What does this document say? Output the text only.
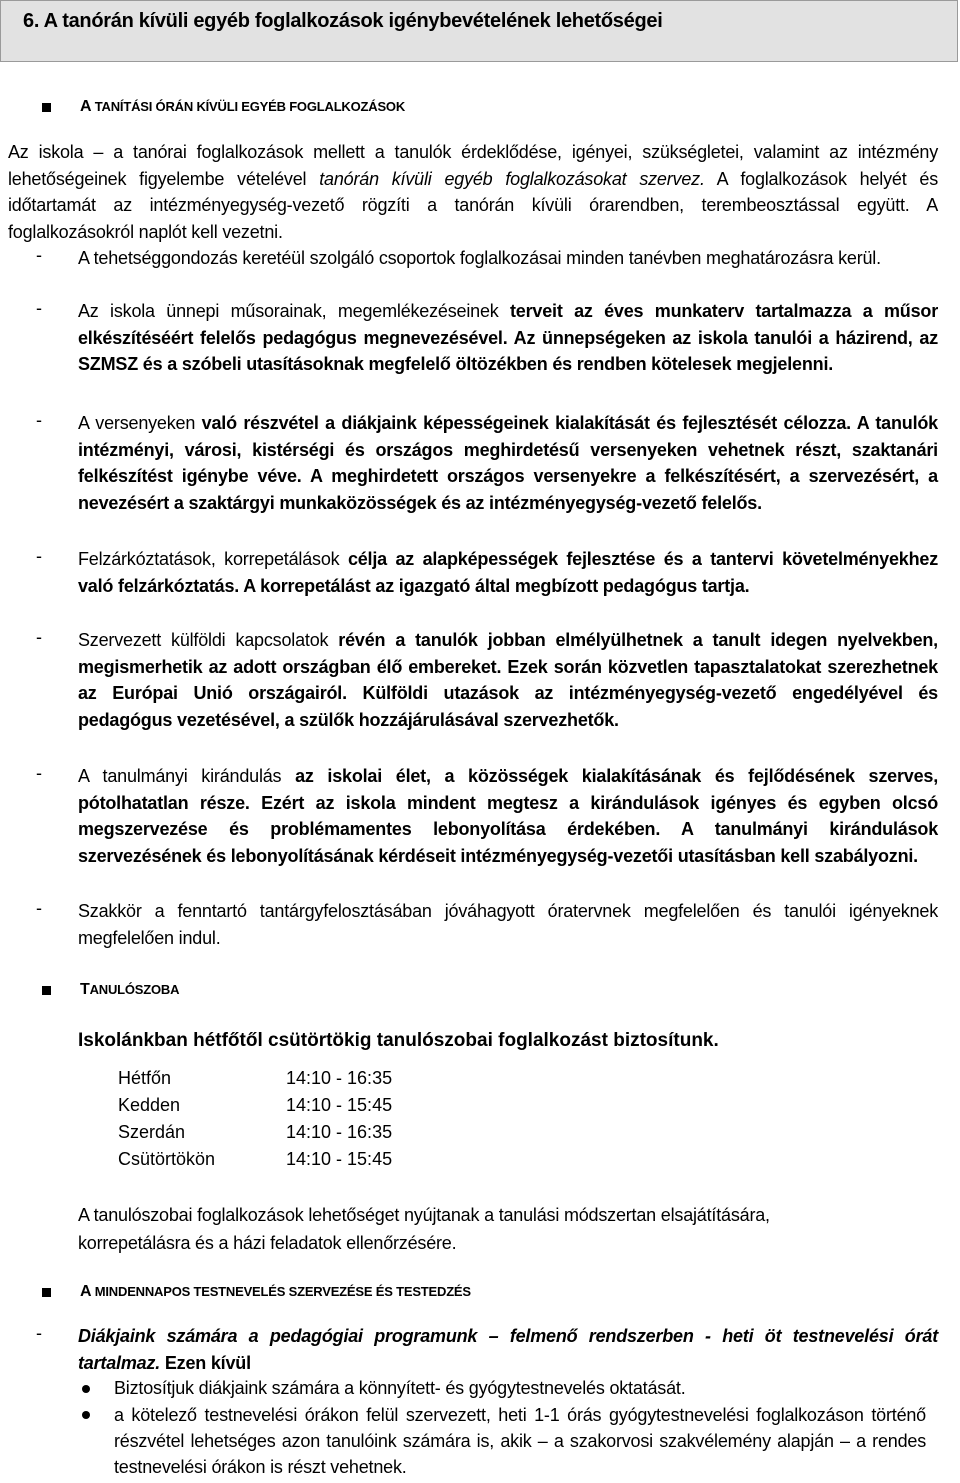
6. A tanórán kívüli egyéb foglalkozások igénybevételének lehetőségei
A TANÍTÁSI ÓRÁN KÍVÜLI EGYÉB FOGLALKOZÁSOK
Az iskola – a tanórai foglalkozások mellett a tanulók érdeklődése, igényei, szükségletei, valamint az intézmény lehetőségeinek figyelembe vételével tanórán kívüli egyéb foglalkozásokat szervez. A foglalkozások helyét és időtartamát az intézményegység-vezető rögzíti a tanórán kívüli órarendben, terembeosztással együtt. A foglalkozásokról naplót kell vezetni.
- A tehetséggondozás keretéül szolgáló csoportok foglalkozásai minden tanévben meghatározásra kerül.
- Az iskola ünnepi műsorainak, megemlékezéseinek terveit az éves munkaterv tartalmazza a műsor elkészítéséért felelős pedagógus megnevezésével. Az ünnepségeken az iskola tanulói a házirend, az SZMSZ és a szóbeli utasításoknak megfelelő öltözékben és rendben kötelesek megjelenni.
- A versenyeken való részvétel a diákjaink képességeinek kialakítását és fejlesztését célozza. A tanulók intézményi, városi, kistérségi és országos meghirdetésű versenyeken vehetnek részt, szaktanári felkészítést igénybe véve. A meghirdetett országos versenyekre a felkészítésért, a szervezésért, a nevezésért a szaktárgyi munkaközösségek és az intézményegység-vezető felelős.
- Felzárkóztatások, korrepetálások célja az alapképességek fejlesztése és a tantervi követelményekhez való felzárkóztatás. A korrepetálást az igazgató által megbízott pedagógus tartja.
- Szervezett külföldi kapcsolatok révén a tanulók jobban elmélyülhetnek a tanult idegen nyelvekben, megismerhetik az adott országban élő embereket. Ezek során közvetlen tapasztalatokat szerezhetnek az Európai Unió országairól. Külföldi utazások az intézményegység-vezető engedélyével és pedagógus vezetésével, a szülők hozzájárulásával szervezhetők.
- A tanulmányi kirándulás az iskolai élet, a közösségek kialakításának és fejlődésének szerves, pótolhatatlan része. Ezért az iskola mindent megtesz a kirándulások igényes és egyben olcsó megszervezése és problémamentes lebonyolítása érdekében. A tanulmányi kirándulások szervezésének és lebonyolításának kérdéseit intézményegység-vezetői utasításban kell szabályozni.
- Szakkör a fenntartó tantárgyfelosztásában jóváhagyott óratervnek megfelelően és tanulói igényeknek megfelelően indul.
TANULÓSZOBA
Iskolánkban hétfőtől csütörtökig tanulószobai foglalkozást biztosítunk.
Hétfőn	14:10 - 16:35
Kedden	14:10 - 15:45
Szerdán	14:10 - 16:35
Csütörtökön	14:10 - 15:45
A tanulószobai foglalkozások lehetőséget nyújtanak a tanulási módszertan elsajátítására, korrepetálásra és a házi feladatok ellenőrzésére.
A MINDENNAPOS TESTNEVELÉS SZERVEZÉSE ÉS TESTEDZÉS
- Diákjaink számára a pedagógiai programunk – felmenő rendszerben - heti öt testnevelési órát tartalmaz. Ezen kívül
Biztosítjuk diákjaink számára a könnyített- és gyógytestnevelés oktatását.
a kötelező testnevelési órákon felül szervezett, heti 1-1 órás gyógytestnevelési foglalkozáson történő részvétel lehetséges azon tanulóink számára is, akik – a szakorvosi szakvélemény alapján – a rendes testnevelési órákon is részt vehetnek.
